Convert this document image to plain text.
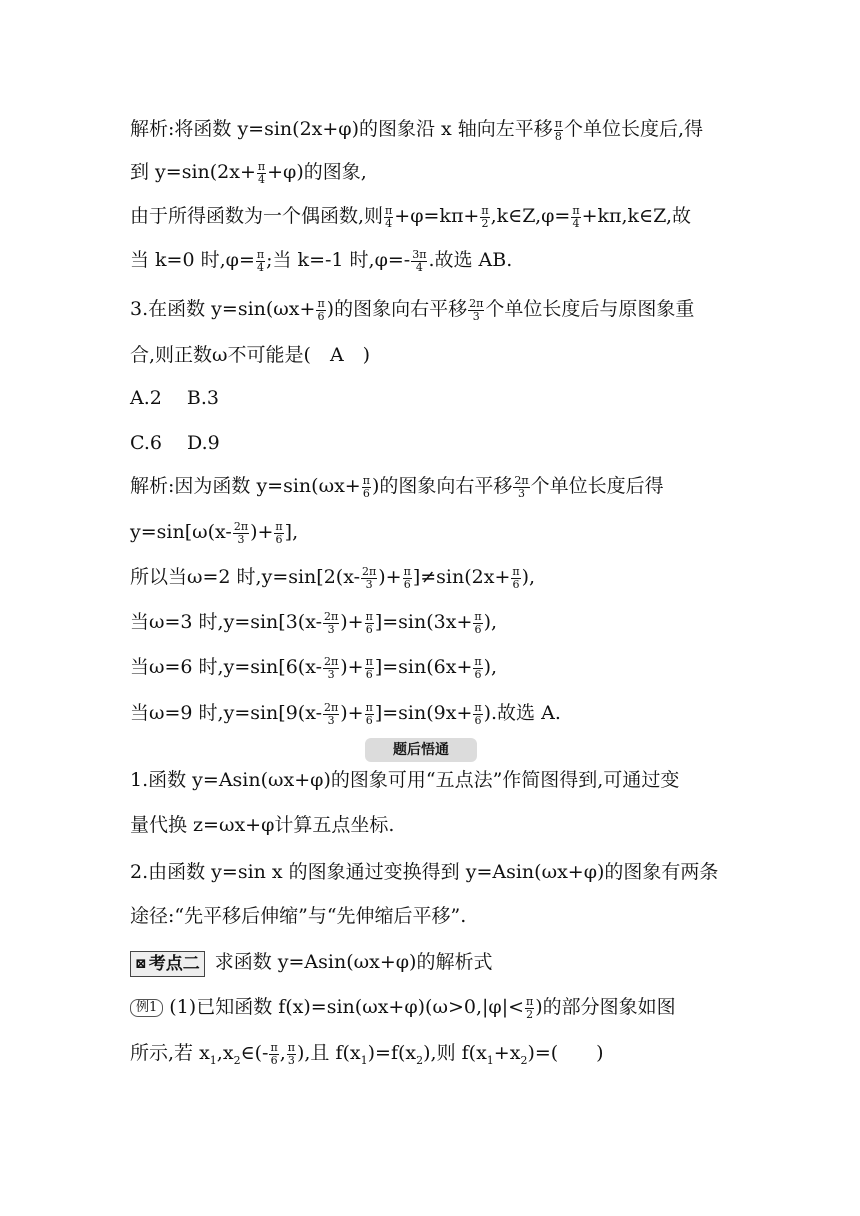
解析:将函数 y=sin(2x+φ)的图象沿 x 轴向左平移 $\frac{\pi}{8}$ 个单位长度后,得
到 $y=\sin(2x+ \frac{\pi}{4} +\varphi)$的图象,
由于所得函数为一个偶函数,则 $\frac{\pi}{4} +\varphi=k\pi+ \frac{\pi}{2}$ ,k∈Z,φ= $\frac{\pi}{4}$ +kπ,k∈Z,故
当 k=0 时$,\varphi= \frac{\pi}{4}$ ;当 k=-1 时$,\varphi=- \frac{3\pi}{4}$ .故选 AB.
3.在函数 $y=\sin(\omega x+ \frac{\pi}{6}$ )的图象向右平移 $\frac{2\pi}{3}$ 个单位长度后与原图象重
合,则正数ω不可能是(　A　)
A.2　 B.3
C.6　 D.9
解析:因为函数 $y=\sin(\omega x+ \frac{\pi}{6}$ )的图象向右平移 $\frac{2\pi}{3}$ 个单位长度后得
$y=\sin[\omega(x- \frac{2\pi}{3}$ )+ $\frac{\pi}{6}$ ],
所以当ω=2 时$,y=\sin[2(x- \frac{2\pi}{3}$ )+ $\frac{\pi}{6} ]\ne\sin(2x+ \frac{\pi}{6}$ ),
当ω=3 时$,y=\sin[3(x- \frac{2\pi}{3}$ )+ $\frac{\pi}{6} ]=\sin(3x+ \frac{\pi}{6}$ ),
当ω=6 时$,y=\sin[6(x- \frac{2\pi}{3}$ )+ $\frac{\pi}{6} ]=\sin(6x+ \frac{\pi}{6}$ ),
当ω=9 时$,y=\sin[9(x- \frac{2\pi}{3}$ )+ $\frac{\pi}{6} ]=\sin(9x+ \frac{\pi}{6}$ ).故选 A.
题后悟通
1.函数 y=Asin(ωx+φ)的图象可用“五点法”作简图得到,可通过变
量代换 z=ωx+φ计算五点坐标.
2.由函数 y=sin x 的图象通过变换得到 y=Asin(ωx+φ)的图象有两条
途径:“先平移后伸缩”与“先伸缩后平移”.
⊠ 考点二 求函数 y=Asin(ωx+φ)的解析式
例1 (1)已知函数 $f(x)=\sin(\omega x+\varphi)(\omega>0,|\varphi|< \frac{\pi}{2}$ )的部分图象如图
所示,若 $x_1,x_2\in(- \frac{\pi}{6}$ , $\frac{\pi}{3}$ ),且 $f(x_1)=f(x_2)$,则 $f(x_1+x_2)=$(　　)
